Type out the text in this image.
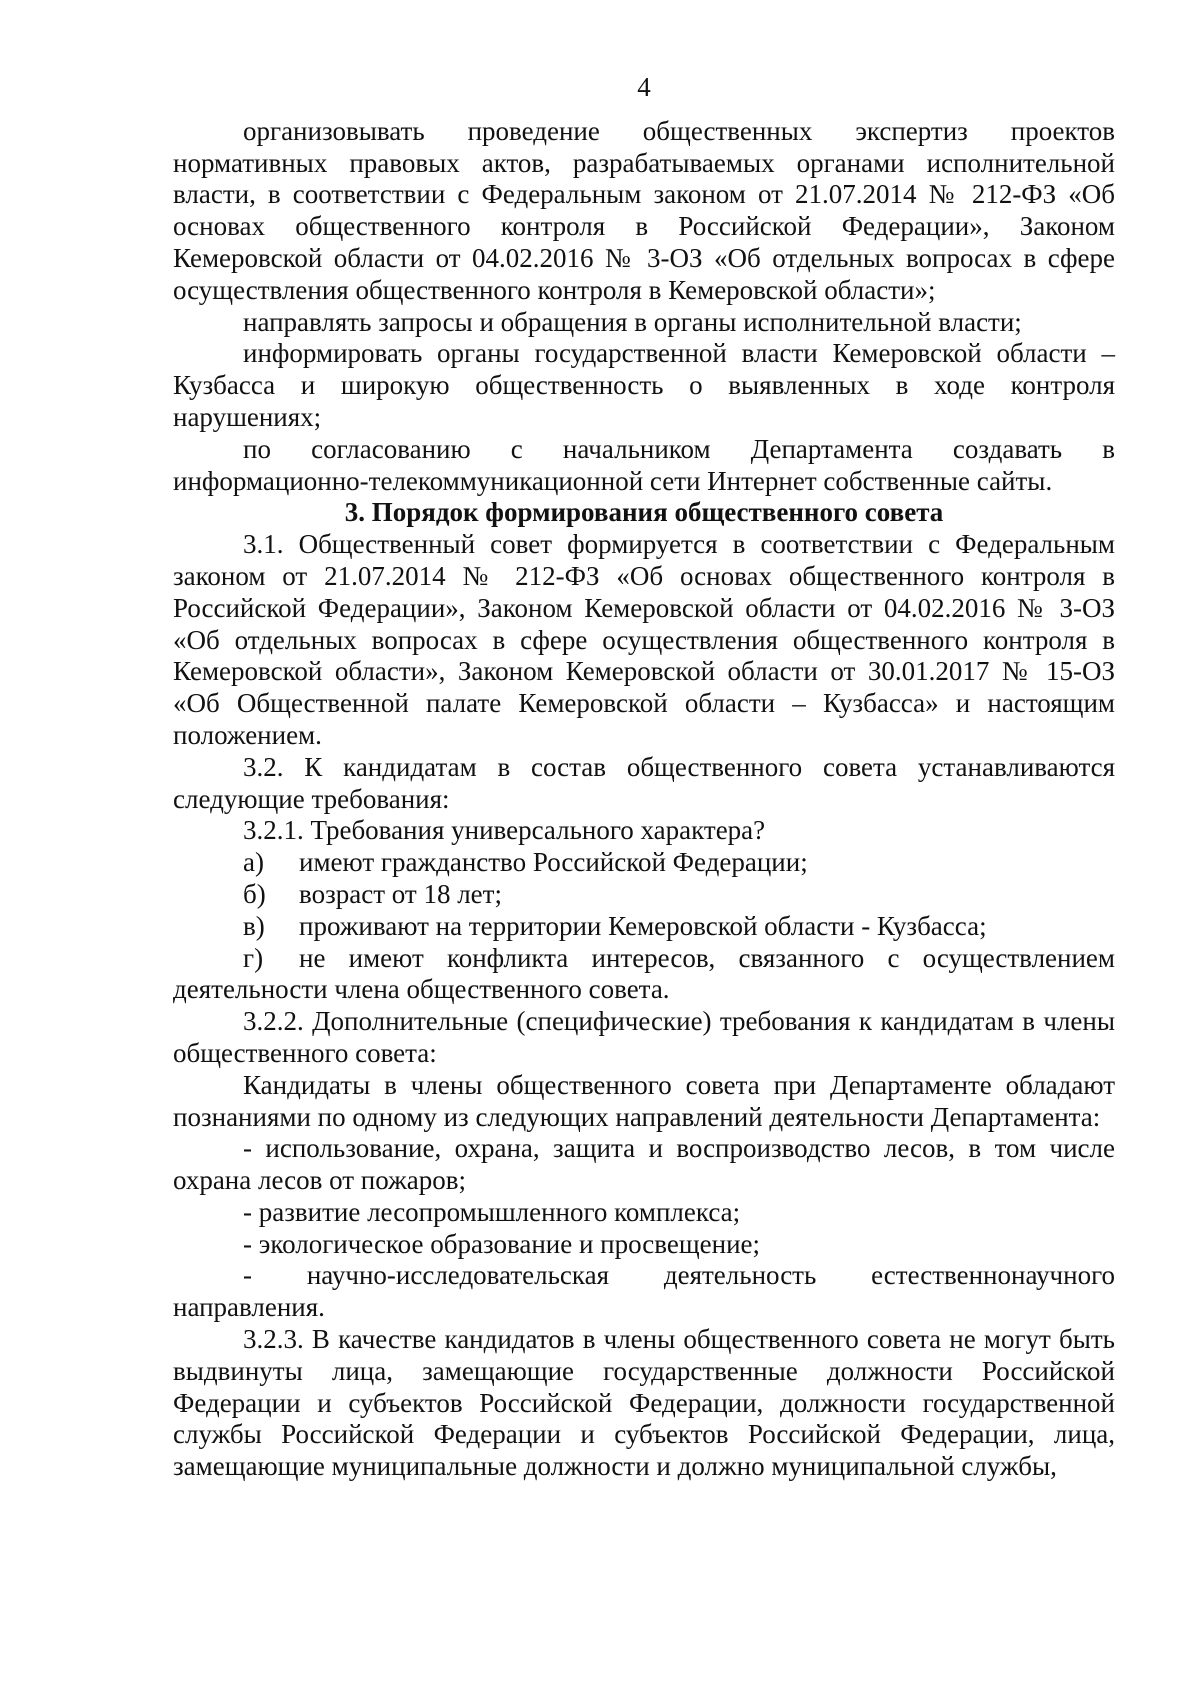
4

организовывать проведение общественных экспертиз проектов нормативных правовых актов, разрабатываемых органами исполнительной власти, в соответствии с Федеральным законом от 21.07.2014 № 212-ФЗ «Об основах общественного контроля в Российской Федерации», Законом Кемеровской области от 04.02.2016 № 3-ОЗ «Об отдельных вопросах в сфере осуществления общественного контроля в Кемеровской области»;

направлять запросы и обращения в органы исполнительной власти;

информировать органы государственной власти Кемеровской области – Кузбасса и широкую общественность о выявленных в ходе контроля нарушениях;

по согласованию с начальником Департамента создавать в информационно-телекоммуникационной сети Интернет собственные сайты.

3. Порядок формирования общественного совета

3.1. Общественный совет формируется в соответствии с Федеральным законом от 21.07.2014 № 212-ФЗ «Об основах общественного контроля в Российской Федерации», Законом Кемеровской области от 04.02.2016 № 3-ОЗ «Об отдельных вопросах в сфере осуществления общественного контроля в Кемеровской области», Законом Кемеровской области от 30.01.2017 № 15-ОЗ «Об Общественной палате Кемеровской области – Кузбасса» и настоящим положением.

3.2. К кандидатам в состав общественного совета устанавливаются следующие требования:

3.2.1. Требования универсального характера?

а)	имеют гражданство Российской Федерации;
б)	возраст от 18 лет;
в)	проживают на территории Кемеровской области - Кузбасса;

г) не имеют конфликта интересов, связанного с осуществлением деятельности члена общественного совета.

3.2.2. Дополнительные (специфические) требования к кандидатам в члены общественного совета:

Кандидаты в члены общественного совета при Департаменте обладают познаниями по одному из следующих направлений деятельности Департамента:

- использование, охрана, защита и воспроизводство лесов, в том числе охрана лесов от пожаров;

- развитие лесопромышленного комплекса;

- экологическое образование и просвещение;

- научно-исследовательская деятельность естественнонаучного направления.

3.2.3. В качестве кандидатов в члены общественного совета не могут быть выдвинуты лица, замещающие государственные должности Российской Федерации и субъектов Российской Федерации, должности государственной службы Российской Федерации и субъектов Российской Федерации, лица, замещающие муниципальные должности и должно муниципальной службы,
